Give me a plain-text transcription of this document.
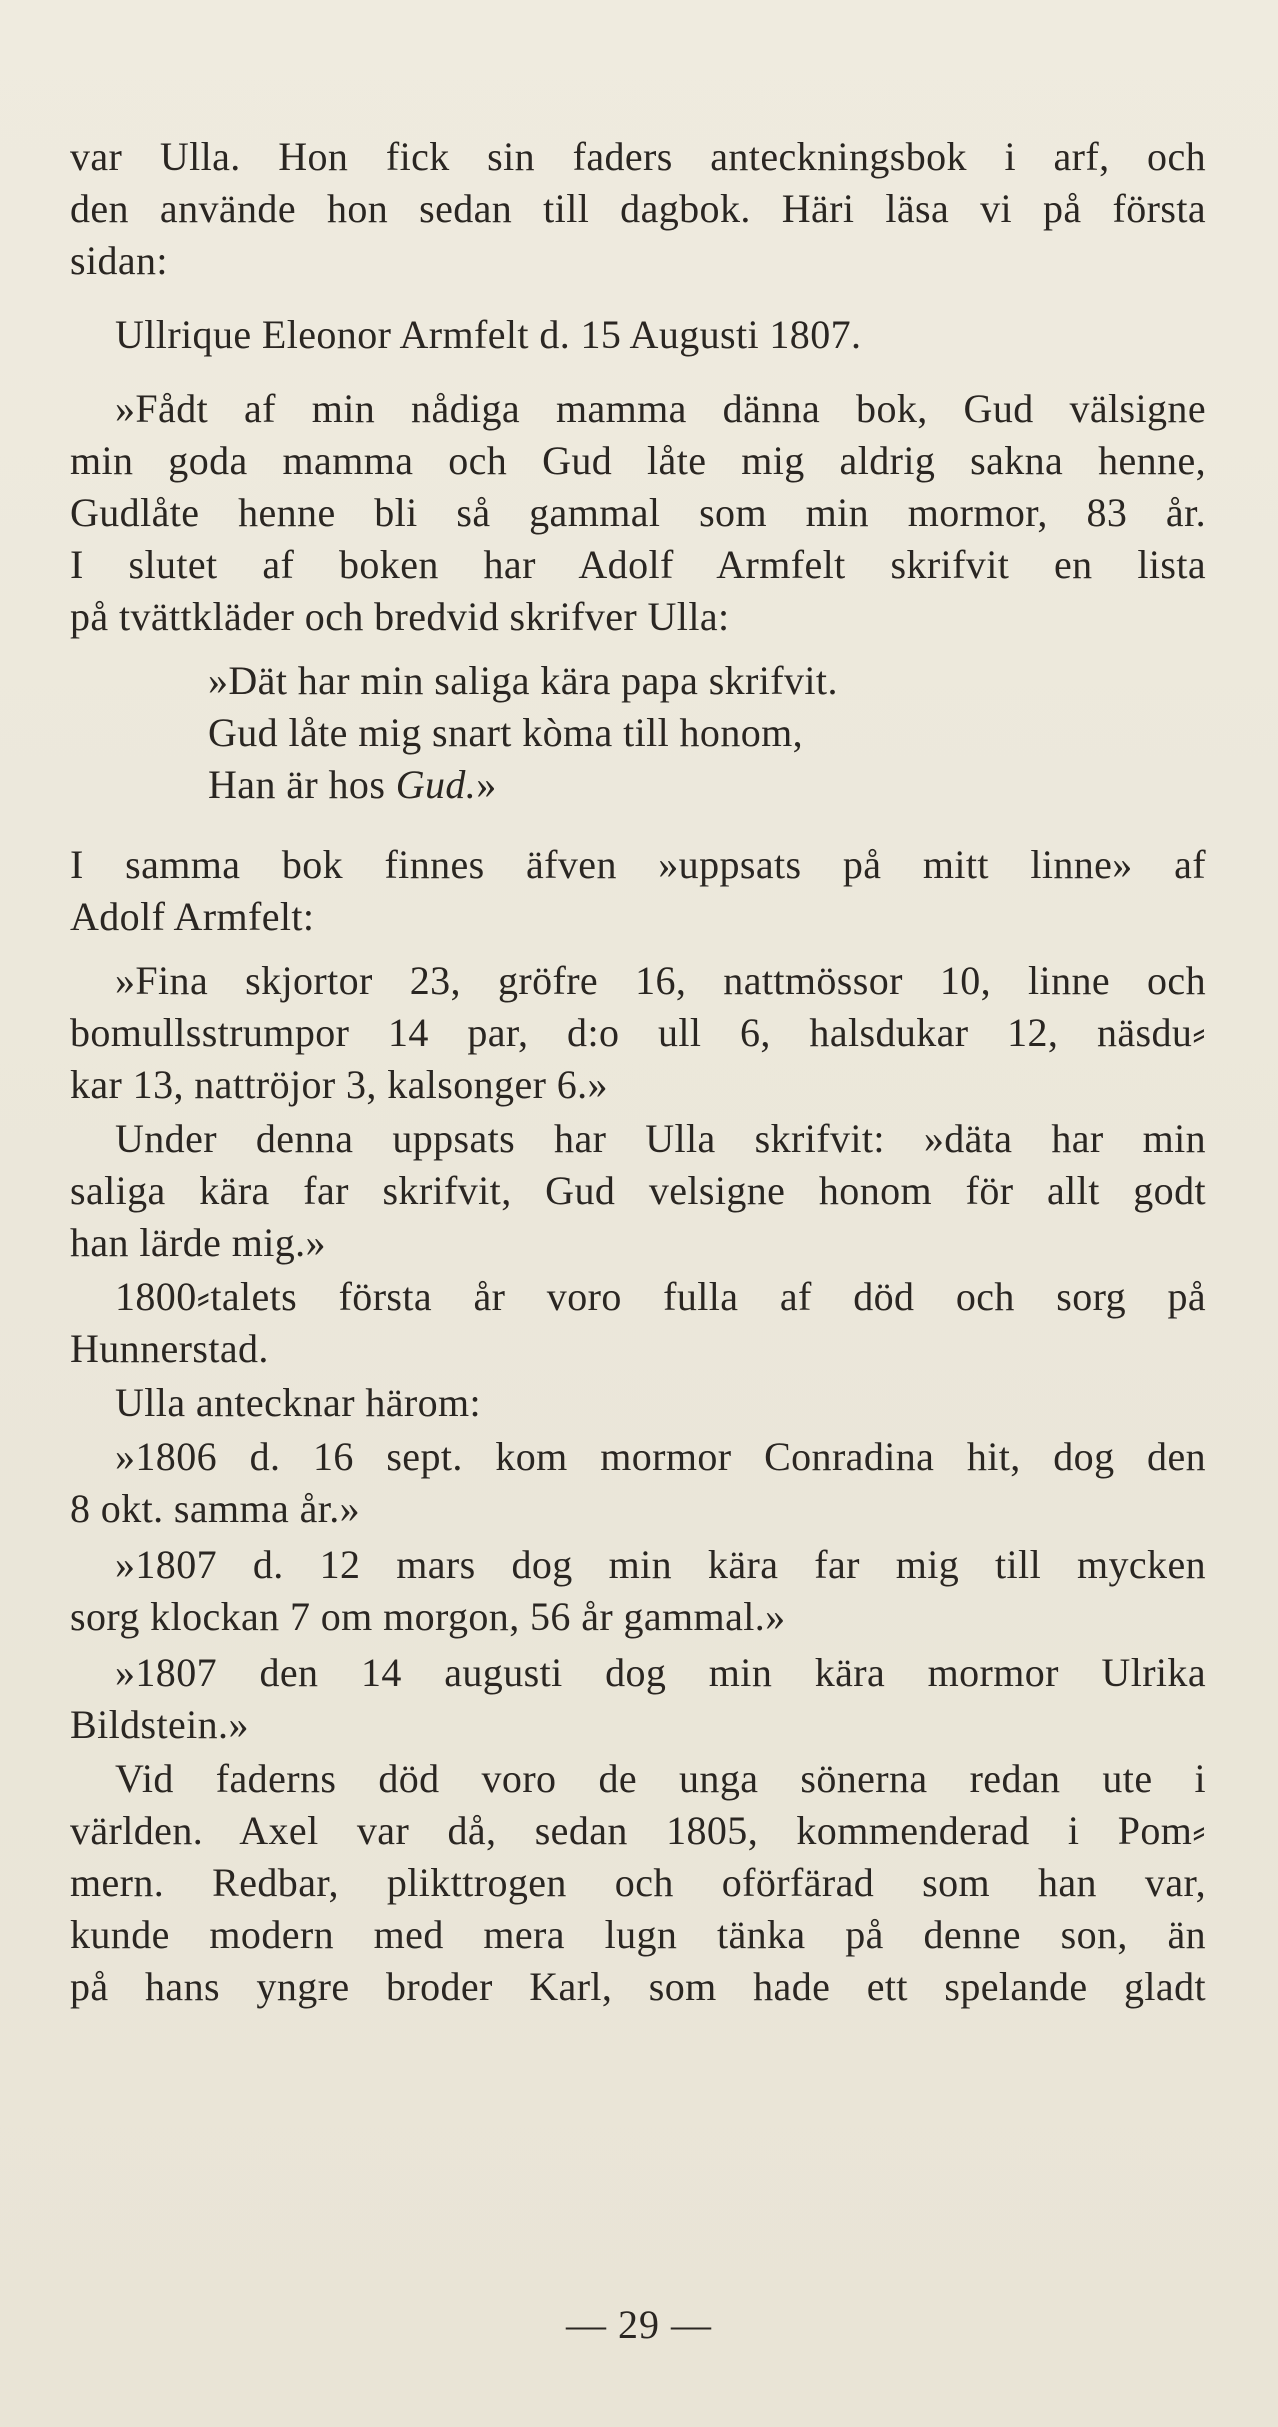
var Ulla. Hon fick sin faders anteckningsbok i arf, och
den använde hon sedan till dagbok. Häri läsa vi på första
sidan:
Ullrique Eleonor Armfelt d. 15 Augusti 1807.
»Fådt af min nådiga mamma dänna bok, Gud välsigne
min goda mamma och Gud låte mig aldrig sakna henne,
Gudlåte henne bli så gammal som min mormor, 83 år.
I slutet af boken har Adolf Armfelt skrifvit en lista
på tvättkläder och bredvid skrifver Ulla:
»Dät har min saliga kära papa skrifvit.
Gud låte mig snart kòma till honom,
Han är hos Gud.»
I samma bok finnes äfven »uppsats på mitt linne» af
Adolf Armfelt:
»Fina skjortor 23, gröfre 16, nattmössor 10, linne och
bomullsstrumpor 14 par, d:o ull 6, halsdukar 12, näsdu⸗
kar 13, nattröjor 3, kalsonger 6.»
Under denna uppsats har Ulla skrifvit: »däta har min
saliga kära far skrifvit, Gud velsigne honom för allt godt
han lärde mig.»
1800⸗talets första år voro fulla af död och sorg på
Hunnerstad.
Ulla antecknar härom:
»1806 d. 16 sept. kom mormor Conradina hit, dog den
8 okt. samma år.»
»1807 d. 12 mars dog min kära far mig till mycken
sorg klockan 7 om morgon, 56 år gammal.»
»1807 den 14 augusti dog min kära mormor Ulrika
Bildstein.»
Vid faderns död voro de unga sönerna redan ute i
världen. Axel var då, sedan 1805, kommenderad i Pom⸗
mern. Redbar, plikttrogen och oförfärad som han var,
kunde modern med mera lugn tänka på denne son, än
på hans yngre broder Karl, som hade ett spelande gladt
— 29 —
